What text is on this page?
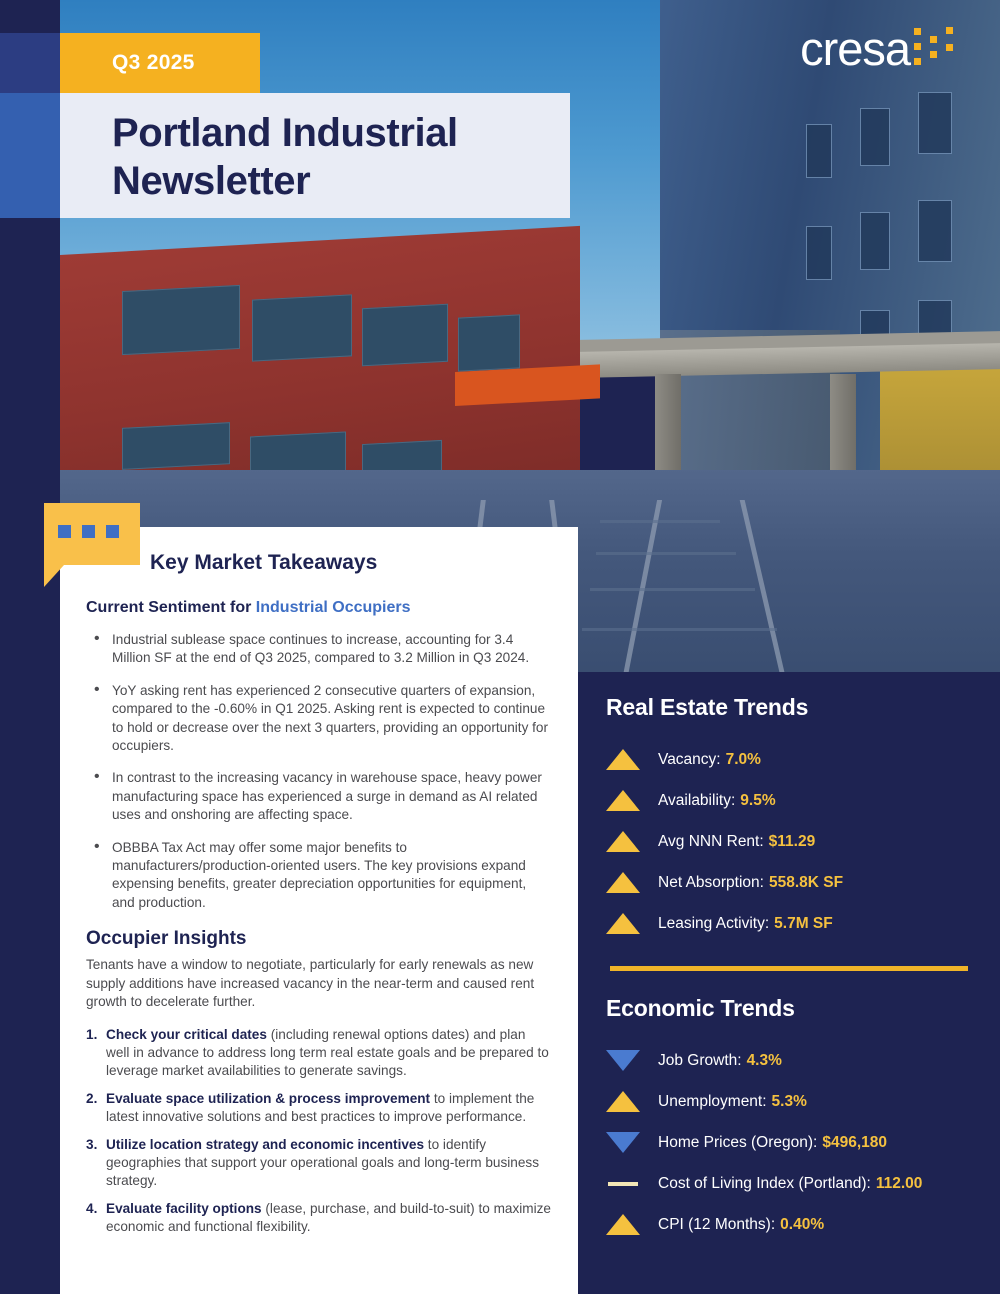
Q3 2025
Portland Industrial Newsletter
cresa
Key Market Takeaways
Current Sentiment for Industrial Occupiers
• Industrial sublease space continues to increase, accounting for 3.4 Million SF at the end of Q3 2025, compared to 3.2 Million in Q3 2024.
• YoY asking rent has experienced 2 consecutive quarters of expansion, compared to the -0.60% in Q1 2025. Asking rent is expected to continue to hold or decrease over the next 3 quarters, providing an opportunity for occupiers.
• In contrast to the increasing vacancy in warehouse space, heavy power manufacturing space has experienced a surge in demand as AI related uses and onshoring are affecting space.
• OBBBA Tax Act may offer some major benefits to manufacturers/production-oriented users. The key provisions expand expensing benefits, greater depreciation opportunities for equipment, and production.
Occupier Insights
Tenants have a window to negotiate, particularly for early renewals as new supply additions have increased vacancy in the near-term and caused rent growth to decelerate further.
Check your critical dates (including renewal options dates) and plan well in advance to address long term real estate goals and be prepared to leverage market availabilities to generate savings.
Evaluate space utilization & process improvement to implement the latest innovative solutions and best practices to improve performance.
Utilize location strategy and economic incentives to identify geographies that support your operational goals and long-term business strategy.
Evaluate facility options (lease, purchase, and build-to-suit) to maximize economic and functional flexibility.
Real Estate Trends
Vacancy: 7.0%
Availability: 9.5%
Avg NNN Rent: $11.29
Net Absorption: 558.8K SF
Leasing Activity: 5.7M SF
Economic Trends
Job Growth: 4.3%
Unemployment: 5.3%
Home Prices (Oregon): $496,180
Cost of Living Index (Portland): 112.00
CPI (12 Months): 0.40%
